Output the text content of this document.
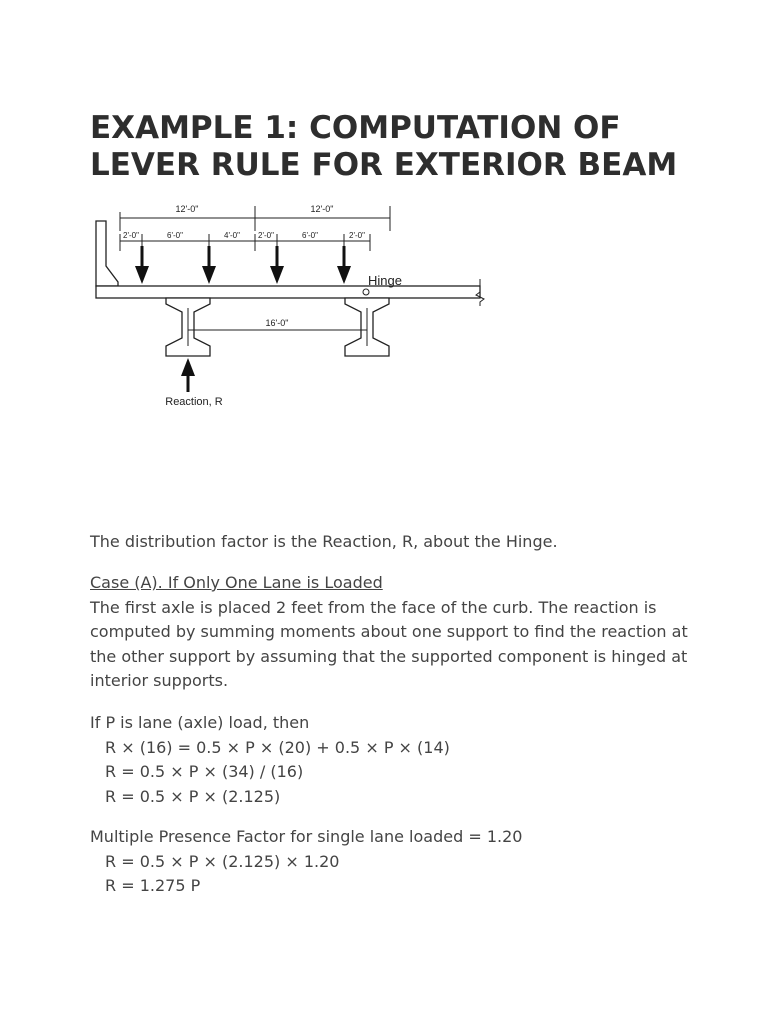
EXAMPLE 1: COMPUTATION OF LEVER RULE FOR EXTERIOR BEAM
12'-0"	12'-0"
2'-0"	6'-0"	4'-0" 2'-0"	6'-0"	2'-0"
Hinge
16'-0"
Reaction, R

The distribution factor is the Reaction, R, about the Hinge.

Case (A). If Only One Lane is Loaded

The first axle is placed 2 feet from the face of the curb. The reaction is computed by summing moments about one support to find the reaction at the other support by assuming that the supported component is hinged at interior supports.

If P is lane (axle) load, then

R × (16) = 0.5 × P × (20) + 0.5 × P × (14)

R = 0.5 × P × (34) / (16)

R = 0.5 × P × (2.125)

Multiple Presence Factor for single lane loaded = 1.20

R = 0.5 × P × (2.125) × 1.20

R = 1.275 P
